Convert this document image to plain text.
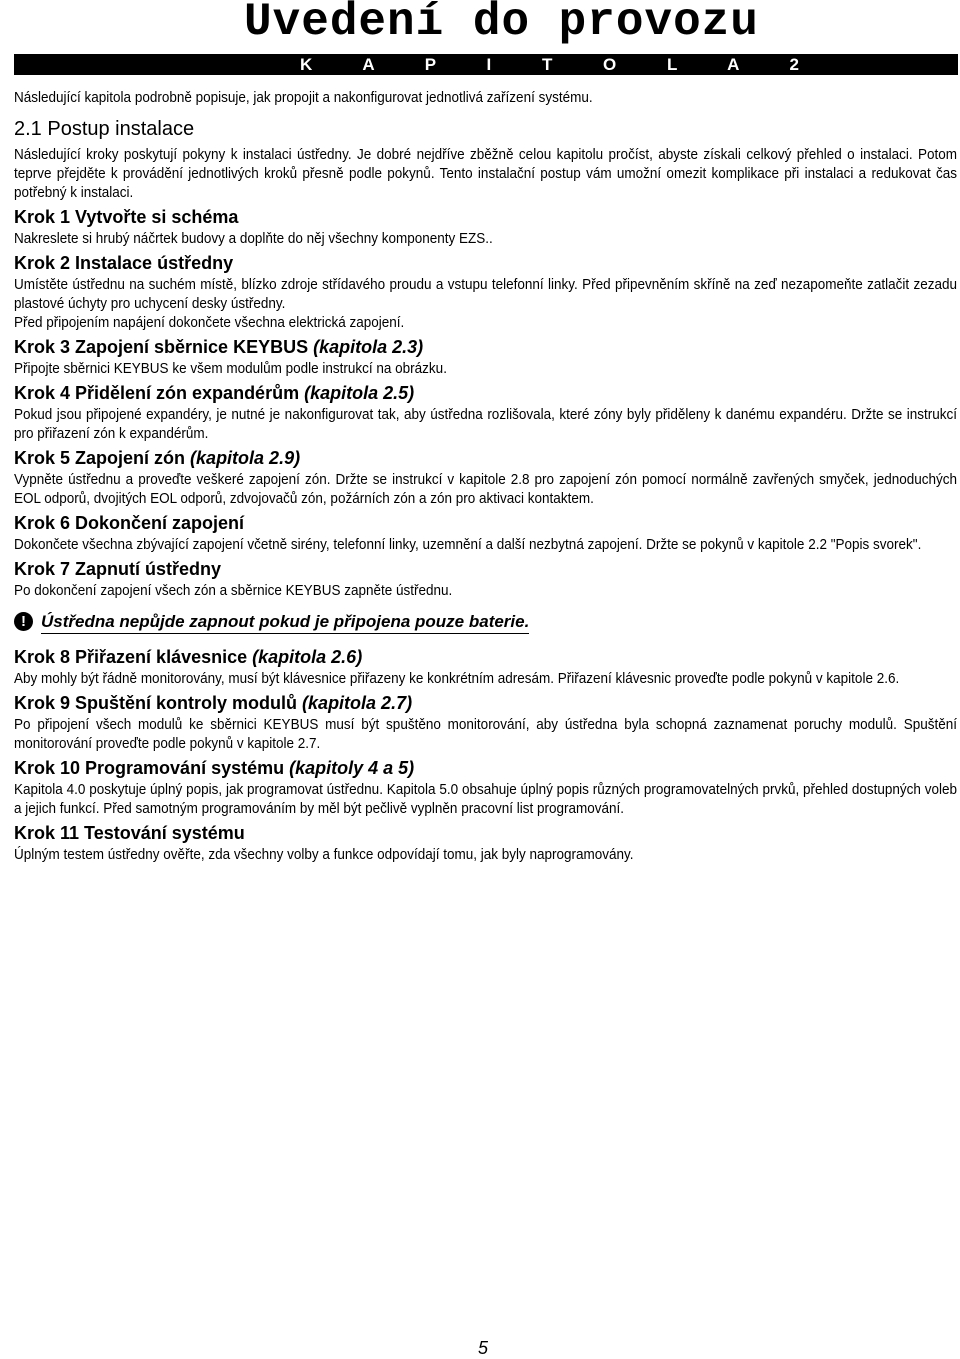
Uvedení do provozu
K A P I T O L A 2

Následující kapitola podrobně popisuje, jak propojit a nakonfigurovat jednotlivá zařízení systému.

2.1 Postup instalace

Následující kroky poskytují pokyny k instalaci ústředny. Je dobré nejdříve zběžně celou kapitolu pročíst, abyste získali celkový přehled o instalaci. Potom teprve přejděte k provádění jednotlivých kroků přesně podle pokynů. Tento instalační postup vám umožní omezit komplikace při instalaci a redukovat čas potřebný k instalaci.

Krok 1 Vytvořte si schéma

Nakreslete si hrubý náčrtek budovy a doplňte do něj všechny komponenty EZS..

Krok 2 Instalace ústředny

Umístěte ústřednu na suchém místě, blízko zdroje střídavého proudu a vstupu telefonní linky. Před připevněním skříně na zeď nezapomeňte zatlačit zezadu plastové úchyty pro uchycení desky ústředny.

Před připojením napájení dokončete všechna elektrická zapojení.

Krok 3 Zapojení sběrnice KEYBUS (kapitola 2.3)

Připojte sběrnici KEYBUS ke všem modulům podle instrukcí na obrázku.

Krok 4 Přidělení zón expandérům (kapitola 2.5)

Pokud jsou připojené expandéry, je nutné je nakonfigurovat tak, aby ústředna rozlišovala, které zóny byly přiděleny k danému expandéru. Držte se instrukcí pro přiřazení zón k expandérům.

Krok 5 Zapojení zón (kapitola 2.9)

Vypněte ústřednu a proveďte veškeré zapojení zón. Držte se instrukcí v kapitole 2.8 pro zapojení zón pomocí normálně zavřených smyček, jednoduchých EOL odporů, dvojitých EOL odporů, zdvojovačů zón, požárních zón a zón pro aktivaci kontaktem.

Krok 6 Dokončení zapojení

Dokončete všechna zbývající zapojení včetně sirény, telefonní linky, uzemnění a další nezbytná zapojení. Držte se pokynů v kapitole 2.2 "Popis svorek".

Krok 7 Zapnutí ústředny

Po dokončení zapojení všech zón a sběrnice KEYBUS zapněte ústřednu.

! Ústředna nepůjde zapnout pokud je připojena pouze baterie.
Krok 8 Přiřazení klávesnice (kapitola 2.6)

Aby mohly být řádně monitorovány, musí být klávesnice přiřazeny ke konkrétním adresám. Přiřazení klávesnic proveďte podle pokynů v kapitole 2.6.

Krok 9 Spuštění kontroly modulů (kapitola 2.7)

Po připojení všech modulů ke sběrnici KEYBUS musí být spuštěno monitorování, aby ústředna byla schopná zaznamenat poruchy modulů. Spuštění monitorování proveďte podle pokynů v kapitole 2.7.

Krok 10 Programování systému (kapitoly 4 a 5)

Kapitola 4.0 poskytuje úplný popis, jak programovat ústřednu. Kapitola 5.0 obsahuje úplný popis různých programovatelných prvků, přehled dostupných voleb a jejich funkcí. Před samotným programováním by měl být pečlivě vyplněn pracovní list programování.

Krok 11 Testování systému

Úplným testem ústředny ověřte, zda všechny volby a funkce odpovídají tomu, jak byly naprogramovány.

5
